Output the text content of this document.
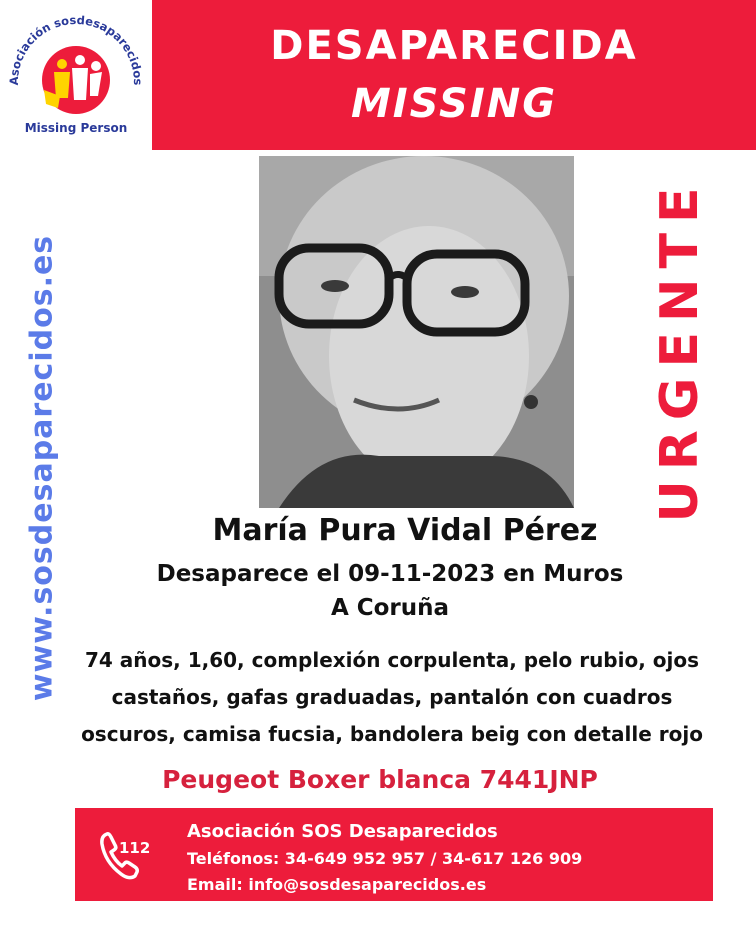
Asociación sosdesaparecidos
Missing Person
DESAPARECIDA
MISSING
www.sosdesaparecidos.es	URGENTE
María Pura Vidal Pérez
Desaparece el 09-11-2023 en Muros
A Coruña
74 años, 1,60, complexión corpulenta, pelo rubio, ojos
castaños, gafas graduadas, pantalón con cuadros
oscuros, camisa fucsia, bandolera beig con detalle rojo
Peugeot Boxer blanca 7441JNP
112
Asociación SOS Desaparecidos
Teléfonos: 34-649 952 957 / 34-617 126 909
Email: info@sosdesaparecidos.es
